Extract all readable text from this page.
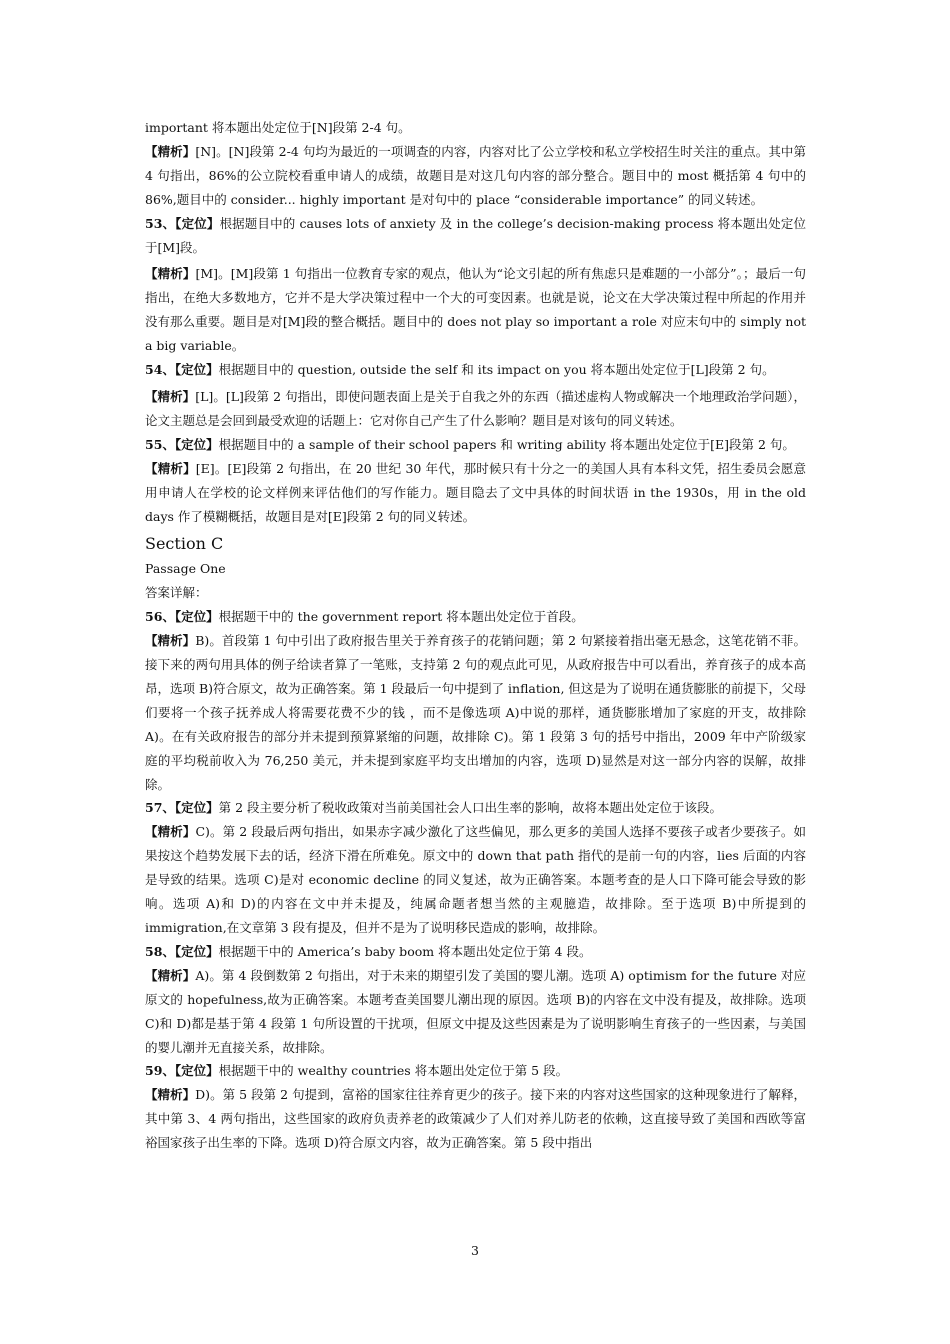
important 将本题出处定位于[N]段第 2-4 句。

【精析】[N]。[N]段第 2-4 句均为最近的一项调查的内容，内容对比了公立学校和私立学校招生时关注的重点。其中第 4 句指出，86%的公立院校看重申请人的成绩，故题目是对这几句内容的部分整合。题目中的 most 概括第 4 句中的 86%,题目中的 consider... highly important 是对句中的 place “considerable importance” 的同义转述。

53、【定位】根据题目中的 causes lots of anxiety 及 in the college’s decision-making process 将本题出处定位于[M]段。

【精析】[M]。[M]段第 1 句指出一位教育专家的观点，他认为“论文引起的所有焦虑只是难题的一小部分”。；最后一句指出，在绝大多数地方，它并不是大学决策过程中一个大的可变因素。也就是说，论文在大学决策过程中所起的作用并没有那么重要。题目是对[M]段的整合概括。题目中的 does not play so important a role 对应末句中的 simply not a big variable。

54、【定位】根据题目中的 question, outside the self 和 its impact on you 将本题出处定位于[L]段第 2 句。

【精析】[L]。[L]段第 2 句指出，即使问题表面上是关于自我之外的东西（描述虚构人物或解决一个地理政治学问题），论文主题总是会回到最受欢迎的话题上：它对你自己产生了什么影响？题目是对该句的同义转述。

55、【定位】根据题目中的 a sample of their school papers 和 writing ability 将本题出处定位于[E]段第 2 句。

【精析】[E]。[E]段第 2 句指出，在 20 世纪 30 年代，那时候只有十分之一的美国人具有本科文凭，招生委员会愿意用申请人在学校的论文样例来评估他们的写作能力。题目隐去了文中具体的时间状语 in the 1930s，用 in the old days 作了模糊概括，故题目是对[E]段第 2 句的同义转述。

Section C

Passage One

答案详解：

56、【定位】根据题干中的 the government report 将本题出处定位于首段。

【精析】B)。首段第 1 句中引出了政府报告里关于养育孩子的花销问题；第 2 句紧接着指出毫无悬念，这笔花销不菲。接下来的两句用具体的例子给读者算了一笔账，支持第 2 句的观点此可见，从政府报告中可以看出，养育孩子的成本高昂，选项 B)符合原文，故为正确答案。第 1 段最后一句中提到了 inflation, 但这是为了说明在通货膨胀的前提下，父母们要将一个孩子抚养成人将需要花费不少的钱 ，而不是像选项 A)中说的那样，通货膨胀增加了家庭的开支，故排除 A)。在有关政府报告的部分并未提到预算紧缩的问题，故排除 C)。第 1 段第 3 句的括号中指出，2009 年中产阶级家庭的平均税前收入为 76,250 美元，并未提到家庭平均支出增加的内容，选项 D)显然是对这一部分内容的误解，故排除。

57、【定位】第 2 段主要分析了税收政策对当前美国社会人口出生率的影响，故将本题出处定位于该段。

【精析】C)。第 2 段最后两句指出，如果赤字减少激化了这些偏见，那么更多的美国人选择不要孩子或者少要孩子。如果按这个趋势发展下去的话，经济下滑在所难免。原文中的 down that path 指代的是前一句的内容，lies 后面的内容是导致的结果。选项 C)是对 economic decline 的同义复述，故为正确答案。本题考查的是人口下降可能会导致的影响。选项 A)和 D)的内容在文中并未提及，纯属命题者想当然的主观臆造，故排除。至于选项 B)中所提到的 immigration,在文章第 3 段有提及，但并不是为了说明移民造成的影响，故排除。

58、【定位】根据题干中的 America’s baby boom 将本题出处定位于第 4 段。

【精析】A)。第 4 段倒数第 2 句指出，对于未来的期望引发了美国的婴儿潮。选项 A) optimism for the future 对应原文的 hopefulness,故为正确答案。本题考查美国婴儿潮出现的原因。选项 B)的内容在文中没有提及，故排除。选项 C)和 D)都是基于第 4 段第 1 句所设置的干扰项，但原文中提及这些因素是为了说明影响生育孩子的一些因素，与美国的婴儿潮并无直接关系，故排除。

59、【定位】根据题干中的 wealthy countries 将本题出处定位于第 5 段。

【精析】D)。第 5 段第 2 句提到，富裕的国家往往养育更少的孩子。接下来的内容对这些国家的这种现象进行了解释，其中第 3、4 两句指出，这些国家的政府负责养老的政策减少了人们对养儿防老的依赖，这直接导致了美国和西欧等富裕国家孩子出生率的下降。选项 D)符合原文内容，故为正确答案。第 5 段中指出

3
